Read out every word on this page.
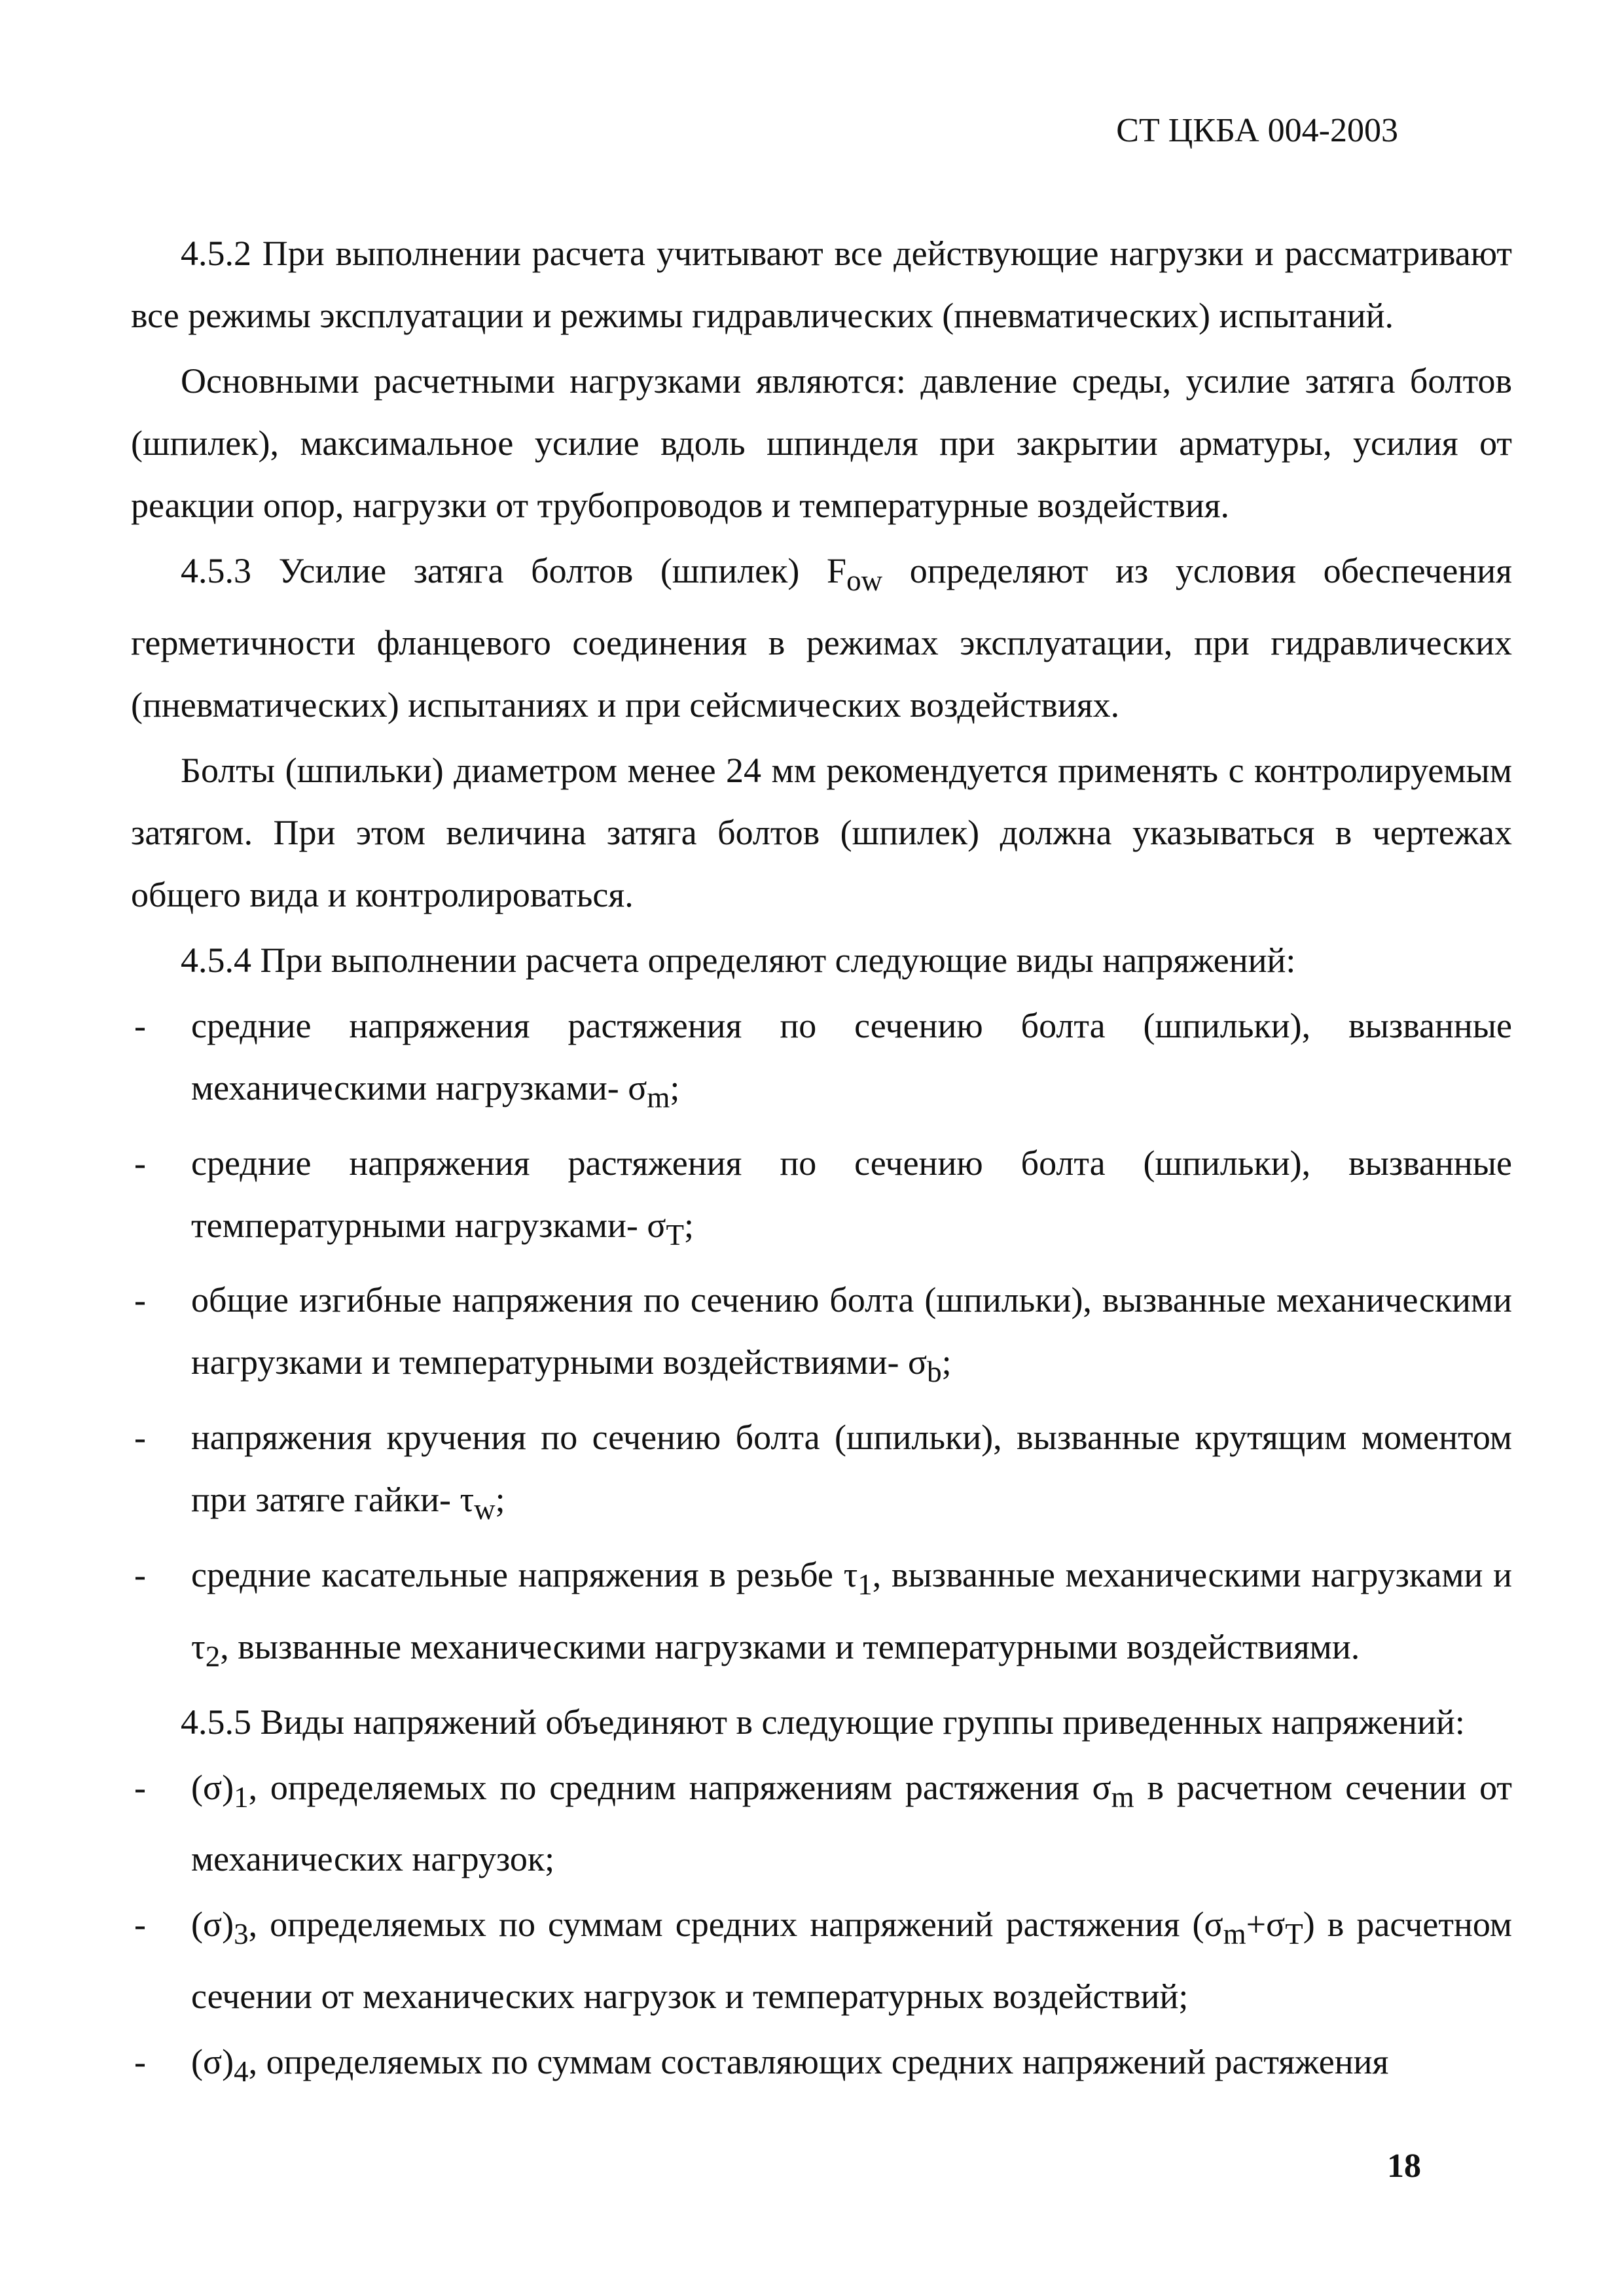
СТ ЦКБА 004-2003

4.5.2 При выполнении расчета учитывают все действующие нагрузки и рассматривают все режимы эксплуатации и режимы гидравлических (пневматических) испытаний.

Основными расчетными нагрузками являются: давление среды, усилие затяга болтов (шпилек), максимальное усилие вдоль шпинделя при закрытии арматуры, усилия от реакции опор, нагрузки от трубопроводов и температурные воздействия.

4.5.3 Усилие затяга болтов (шпилек) $F_{ow}$ определяют из условия обеспечения герметичности фланцевого соединения в режимах эксплуатации, при гидравлических (пневматических) испытаниях и при сейсмических воздействиях.

Болты (шпильки) диаметром менее 24 мм рекомендуется применять с контролируемым затягом. При этом величина затяга болтов (шпилек) должна указываться в чертежах общего вида и контролироваться.

4.5.4 При выполнении расчета определяют следующие виды напряжений:

-	средние напряжения растяжения по сечению болта (шпильки), вызванные механическими нагрузками- $\sigma_m$;
-	средние напряжения растяжения по сечению болта (шпильки), вызванные температурными нагрузками- $\sigma_T$;
-	общие изгибные напряжения по сечению болта (шпильки), вызванные механическими нагрузками и температурными воздействиями- $\sigma_b$;
-	напряжения кручения по сечению болта (шпильки), вызванные крутящим моментом при затяге гайки- $\tau_w$;
-	средние касательные напряжения в резьбе $\tau_1$, вызванные механическими нагрузками и $\tau_2$, вызванные механическими нагрузками и температурными воздействиями.

4.5.5 Виды напряжений объединяют в следующие группы приведенных напряжений:

-	$(\sigma)_1$, определяемых по средним напряжениям растяжения $\sigma_m$ в расчетном сечении от механических нагрузок;
-	$(\sigma)_3$, определяемых по суммам средних напряжений растяжения $(\sigma_m+\sigma_T)$ в расчетном сечении от механических нагрузок и температурных воздействий;
-	$(\sigma)_4$, определяемых по суммам составляющих средних напряжений растяжения
18
